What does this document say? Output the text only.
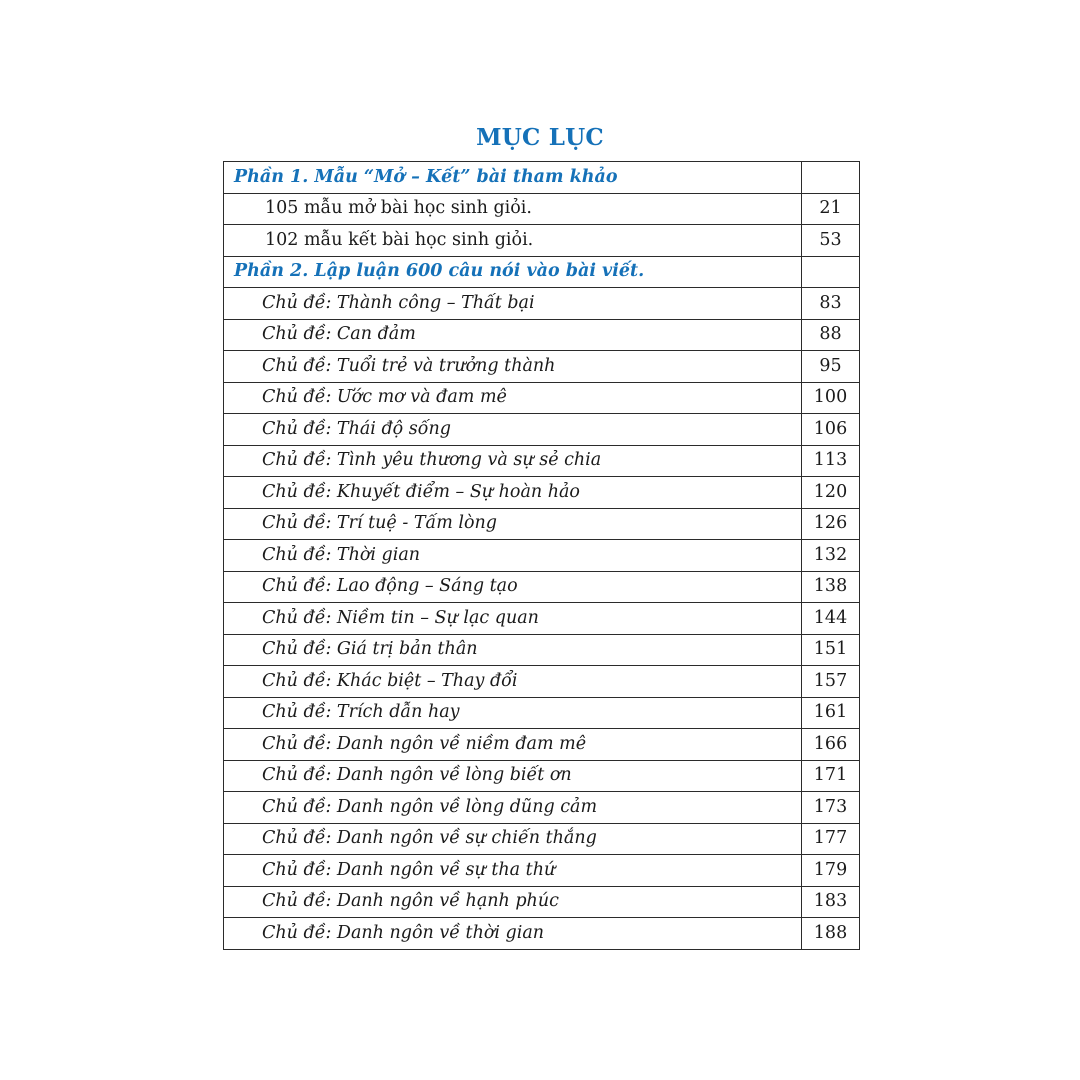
MỤC LỤC
Phần 1. Mẫu “Mở – Kết” bài tham khảo	
105 mẫu mở bài học sinh giỏi.	21
102 mẫu kết bài học sinh giỏi.	53
Phần 2. Lập luận 600 câu nói vào bài viết.	
Chủ đề: Thành công – Thất bại	83
Chủ đề: Can đảm	88
Chủ đề: Tuổi trẻ và trưởng thành	95
Chủ đề: Ước mơ và đam mê	100
Chủ đề: Thái độ sống	106
Chủ đề: Tình yêu thương và sự sẻ chia	113
Chủ đề: Khuyết điểm – Sự hoàn hảo	120
Chủ đề: Trí tuệ - Tấm lòng	126
Chủ đề: Thời gian	132
Chủ đề: Lao động – Sáng tạo	138
Chủ đề: Niềm tin – Sự lạc quan	144
Chủ đề: Giá trị bản thân	151
Chủ đề: Khác biệt – Thay đổi	157
Chủ đề: Trích dẫn hay	161
Chủ đề: Danh ngôn về niềm đam mê	166
Chủ đề: Danh ngôn về lòng biết ơn	171
Chủ đề: Danh ngôn về lòng dũng cảm	173
Chủ đề: Danh ngôn về sự chiến thắng	177
Chủ đề: Danh ngôn về sự tha thứ	179
Chủ đề: Danh ngôn về hạnh phúc	183
Chủ đề: Danh ngôn về thời gian	188
